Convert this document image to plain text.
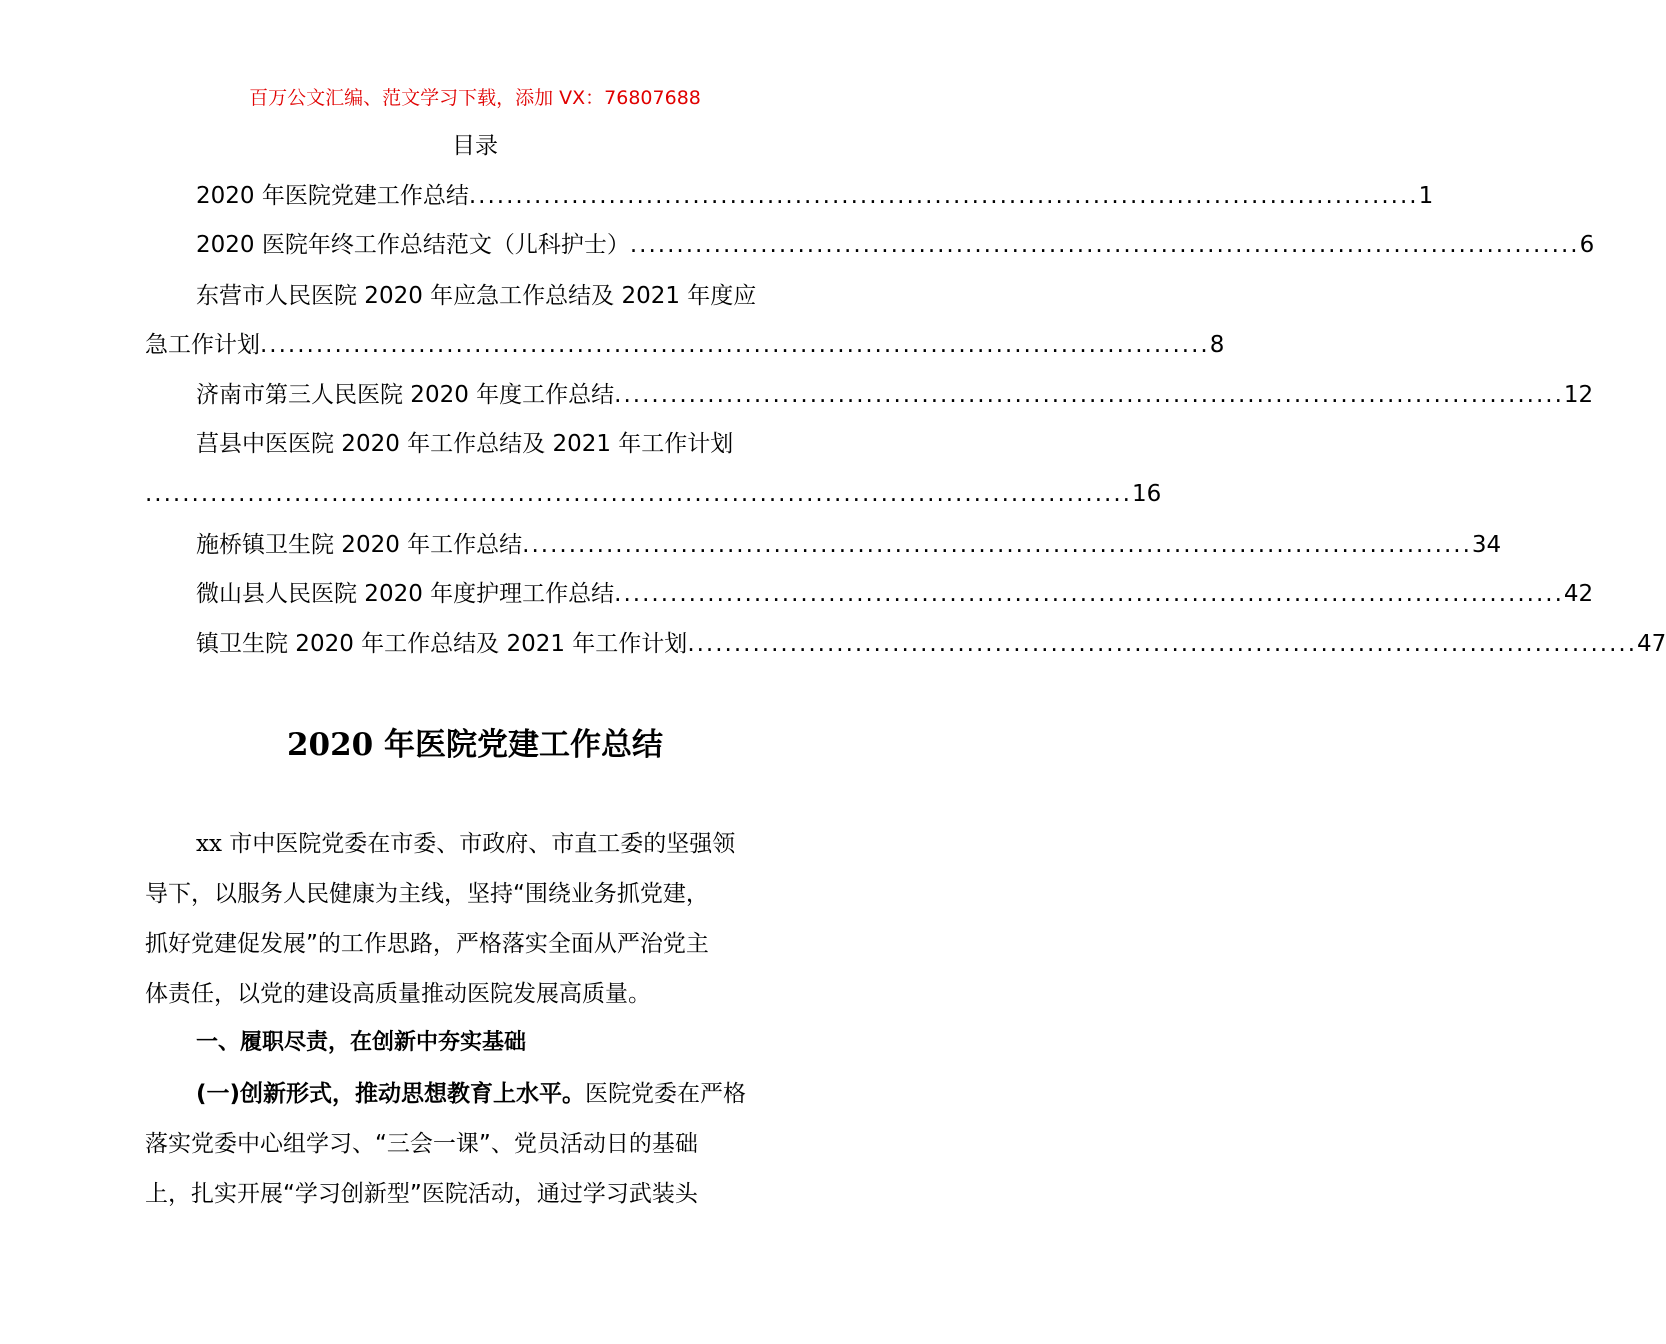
百万公文汇编、范文学习下载，添加 VX：76807688
目录
2020 年医院党建工作总结 ...................................................................................................... 1
2020 医院年终工作总结范文（儿科护士） ...................................................................................................... 6
东营市人民医院 2020 年应急工作总结及 2021 年度应
急工作计划 ...................................................................................................... 8
济南市第三人民医院 2020 年度工作总结 ...................................................................................................... 12
莒县中医医院 2020 年工作总结及 2021 年工作计划
.......................................................................................................... 16
施桥镇卫生院 2020 年工作总结 ...................................................................................................... 34
微山县人民医院 2020 年度护理工作总结 ...................................................................................................... 42
镇卫生院 2020 年工作总结及 2021 年工作计划 ...................................................................................................... 47
2020 年医院党建工作总结
xx 市中医院党委在市委、市政府、市直工委的坚强领
导下，以服务人民健康为主线，坚持“围绕业务抓党建，
抓好党建促发展”的工作思路，严格落实全面从严治党主
体责任，以党的建设高质量推动医院发展高质量。
一、履职尽责，在创新中夯实基础
(一)创新形式，推动思想教育上水平。医院党委在严格
落实党委中心组学习、“三会一课”、党员活动日的基础
上，扎实开展“学习创新型”医院活动，通过学习武装头
